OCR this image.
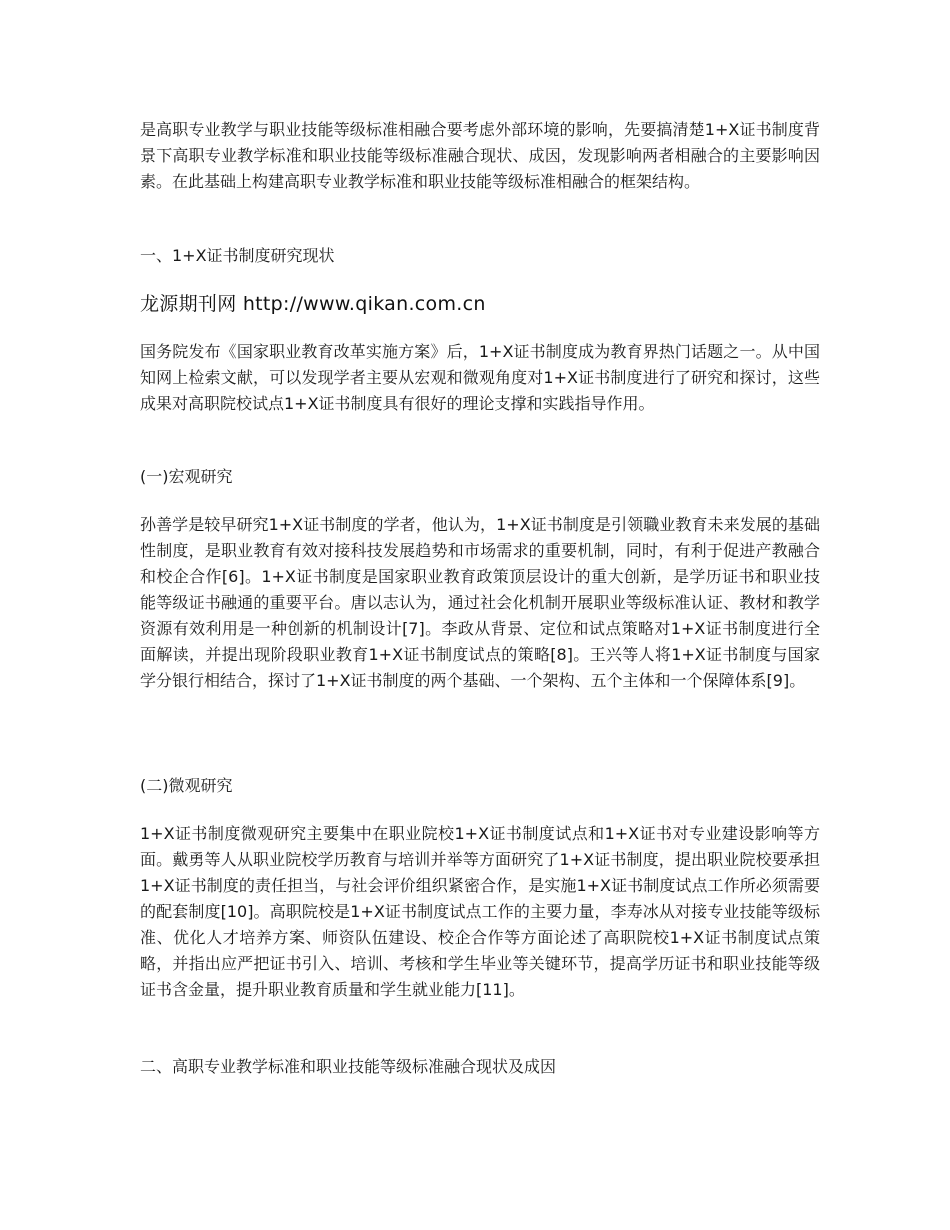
是高职专业教学与职业技能等级标准相融合要考虑外部环境的影响，先要搞清楚1+X证书制度背景下高职专业教学标准和职业技能等级标准融合现状、成因，发现影响两者相融合的主要影响因素。在此基础上构建高职专业教学标准和职业技能等级标准相融合的框架结构。

一、1+X证书制度研究现状

龙源期刊网 http://www.qikan.com.cn

国务院发布《国家职业教育改革实施方案》后，1+X证书制度成为教育界热门话题之一。从中国知网上检索文献，可以发现学者主要从宏观和微观角度对1+X证书制度进行了研究和探讨，这些成果对高职院校试点1+X证书制度具有很好的理论支撑和实践指导作用。

(一)宏观研究

孙善学是较早研究1+X证书制度的学者，他认为，1+X证书制度是引领職业教育未来发展的基础性制度，是职业教育有效对接科技发展趋势和市场需求的重要机制，同时，有利于促进产教融合和校企合作[6]。1+X证书制度是国家职业教育政策顶层设计的重大创新，是学历证书和职业技能等级证书融通的重要平台。唐以志认为，通过社会化机制开展职业等级标准认证、教材和教学资源有效利用是一种创新的机制设计[7]。李政从背景、定位和试点策略对1+X证书制度进行全面解读，并提出现阶段职业教育1+X证书制度试点的策略[8]。王兴等人将1+X证书制度与国家学分银行相结合，探讨了1+X证书制度的两个基础、一个架构、五个主体和一个保障体系[9]。

(二)微观研究

1+X证书制度微观研究主要集中在职业院校1+X证书制度试点和1+X证书对专业建设影响等方面。戴勇等人从职业院校学历教育与培训并举等方面研究了1+X证书制度，提出职业院校要承担1+X证书制度的责任担当，与社会评价组织紧密合作，是实施1+X证书制度试点工作所必须需要的配套制度[10]。高职院校是1+X证书制度试点工作的主要力量，李寿冰从对接专业技能等级标准、优化人才培养方案、师资队伍建设、校企合作等方面论述了高职院校1+X证书制度试点策略，并指出应严把证书引入、培训、考核和学生毕业等关键环节，提高学历证书和职业技能等级证书含金量，提升职业教育质量和学生就业能力[11]。

二、高职专业教学标准和职业技能等级标准融合现状及成因
